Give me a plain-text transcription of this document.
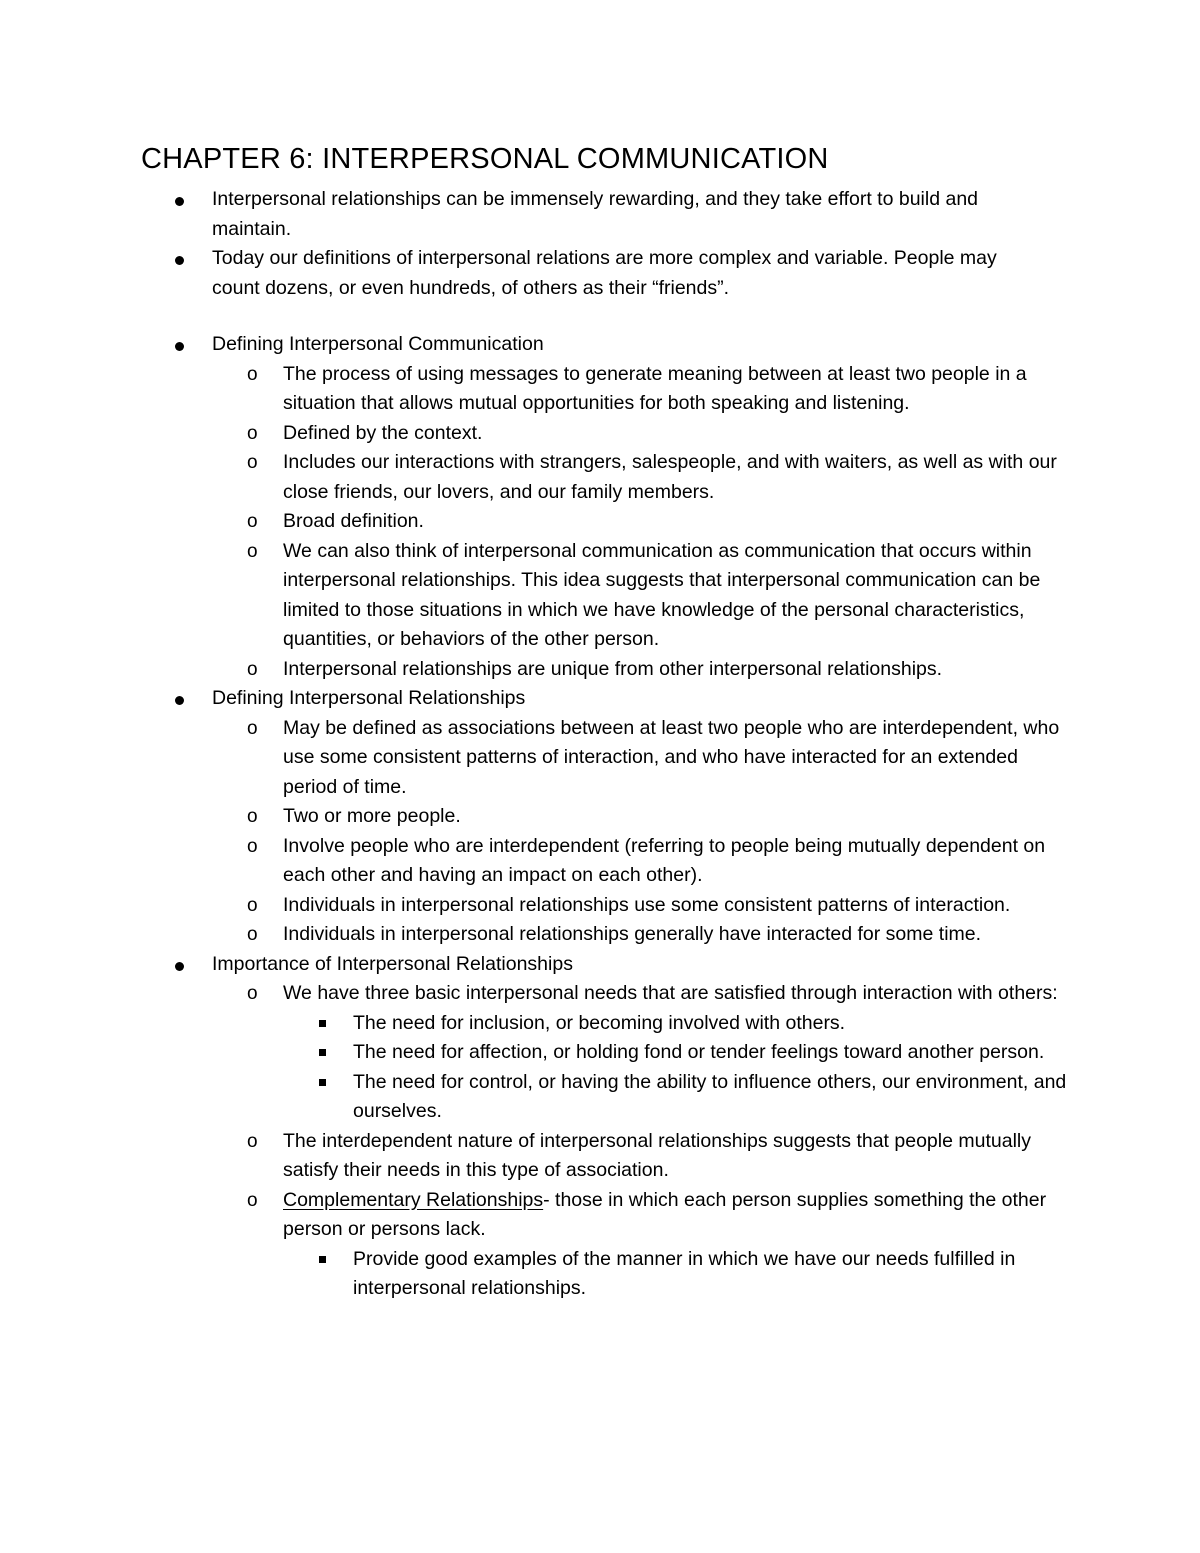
CHAPTER 6: INTERPERSONAL COMMUNICATION
Interpersonal relationships can be immensely rewarding, and they take effort to build and maintain.
Today our definitions of interpersonal relations are more complex and variable. People may count dozens, or even hundreds, of others as their “friends”.
Defining Interpersonal Communication
o The process of using messages to generate meaning between at least two people in a situation that allows mutual opportunities for both speaking and listening.
o Defined by the context.
o Includes our interactions with strangers, salespeople, and with waiters, as well as with our close friends, our lovers, and our family members.
o Broad definition.
o We can also think of interpersonal communication as communication that occurs within interpersonal relationships. This idea suggests that interpersonal communication can be limited to those situations in which we have knowledge of the personal characteristics, quantities, or behaviors of the other person.
o Interpersonal relationships are unique from other interpersonal relationships.
Defining Interpersonal Relationships
o May be defined as associations between at least two people who are interdependent, who use some consistent patterns of interaction, and who have interacted for an extended period of time.
o Two or more people.
o Involve people who are interdependent (referring to people being mutually dependent on each other and having an impact on each other).
o Individuals in interpersonal relationships use some consistent patterns of interaction.
o Individuals in interpersonal relationships generally have interacted for some time.
Importance of Interpersonal Relationships
o We have three basic interpersonal needs that are satisfied through interaction with others:
The need for inclusion, or becoming involved with others.
The need for affection, or holding fond or tender feelings toward another person.
The need for control, or having the ability to influence others, our environment, and ourselves.
o The interdependent nature of interpersonal relationships suggests that people mutually satisfy their needs in this type of association.
o Complementary Relationships- those in which each person supplies something the other person or persons lack.
Provide good examples of the manner in which we have our needs fulfilled in interpersonal relationships.
